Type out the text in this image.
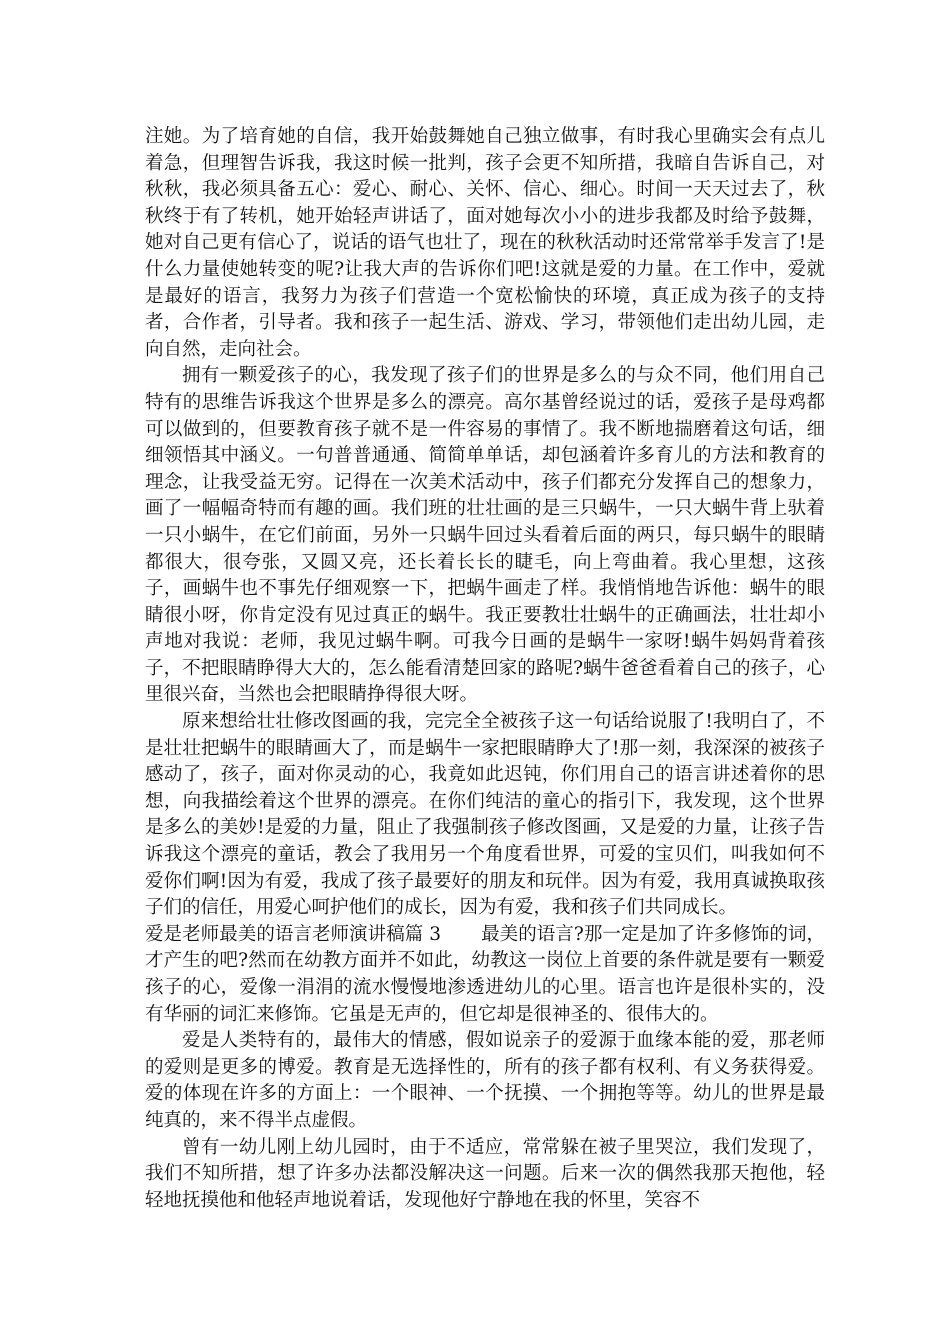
注她。为了培育她的自信，我开始鼓舞她自己独立做事，有时我心里确实会有点儿着急，但理智告诉我，我这时候一批判，孩子会更不知所措，我暗自告诉自己，对秋秋，我必须具备五心：爱心、耐心、关怀、信心、细心。时间一天天过去了，秋秋终于有了转机，她开始轻声讲话了，面对她每次小小的进步我都及时给予鼓舞，她对自己更有信心了，说话的语气也壮了，现在的秋秋活动时还常常举手发言了!是什么力量使她转变的呢?让我大声的告诉你们吧!这就是爱的力量。在工作中，爱就是最好的语言，我努力为孩子们营造一个宽松愉快的环境，真正成为孩子的支持者，合作者，引导者。我和孩子一起生活、游戏、学习，带领他们走出幼儿园，走向自然，走向社会。

拥有一颗爱孩子的心，我发现了孩子们的世界是多么的与众不同，他们用自己特有的思维告诉我这个世界是多么的漂亮。高尔基曾经说过的话，爱孩子是母鸡都可以做到的，但要教育孩子就不是一件容易的事情了。我不断地揣磨着这句话，细细领悟其中涵义。一句普普通通、简简单单话，却包涵着许多育儿的方法和教育的理念，让我受益无穷。记得在一次美术活动中，孩子们都充分发挥自己的想象力，画了一幅幅奇特而有趣的画。我们班的壮壮画的是三只蜗牛，一只大蜗牛背上驮着一只小蜗牛，在它们前面，另外一只蜗牛回过头看着后面的两只，每只蜗牛的眼睛都很大，很夸张，又圆又亮，还长着长长的睫毛，向上弯曲着。我心里想，这孩子，画蜗牛也不事先仔细观察一下，把蜗牛画走了样。我悄悄地告诉他：蜗牛的眼睛很小呀，你肯定没有见过真正的蜗牛。我正要教壮壮蜗牛的正确画法，壮壮却小声地对我说：老师，我见过蜗牛啊。可我今日画的是蜗牛一家呀!蜗牛妈妈背着孩子，不把眼睛睁得大大的，怎么能看清楚回家的路呢?蜗牛爸爸看着自己的孩子，心里很兴奋，当然也会把眼睛挣得很大呀。

原来想给壮壮修改图画的我，完完全全被孩子这一句话给说服了!我明白了，不是壮壮把蜗牛的眼睛画大了，而是蜗牛一家把眼睛睁大了!那一刻，我深深的被孩子感动了，孩子，面对你灵动的心，我竟如此迟钝，你们用自己的语言讲述着你的思想，向我描绘着这个世界的漂亮。在你们纯洁的童心的指引下，我发现，这个世界是多么的美妙!是爱的力量，阻止了我强制孩子修改图画，又是爱的力量，让孩子告诉我这个漂亮的童话，教会了我用另一个角度看世界，可爱的宝贝们，叫我如何不爱你们啊!因为有爱，我成了孩子最要好的朋友和玩伴。因为有爱，我用真诚换取孩子们的信任，用爱心呵护他们的成长，因为有爱，我和孩子们共同成长。

爱是老师最美的语言老师演讲稿篇 3 最美的语言?那一定是加了许多修饰的词，才产生的吧?然而在幼教方面并不如此，幼教这一岗位上首要的条件就是要有一颗爱孩子的心，爱像一涓涓的流水慢慢地渗透进幼儿的心里。语言也许是很朴实的，没有华丽的词汇来修饰。它虽是无声的，但它却是很神圣的、很伟大的。

爱是人类特有的，最伟大的情感，假如说亲子的爱源于血缘本能的爱，那老师的爱则是更多的博爱。教育是无选择性的，所有的孩子都有权利、有义务获得爱。 爱的体现在许多的方面上：一个眼神、一个抚摸、一个拥抱等等。幼儿的世界是最纯真的，来不得半点虚假。

曾有一幼儿刚上幼儿园时，由于不适应，常常躲在被子里哭泣，我们发现了，我们不知所措，想了许多办法都没解决这一问题。后来一次的偶然我那天抱他，轻轻地抚摸他和他轻声地说着话，发现他好宁静地在我的怀里，笑容不
